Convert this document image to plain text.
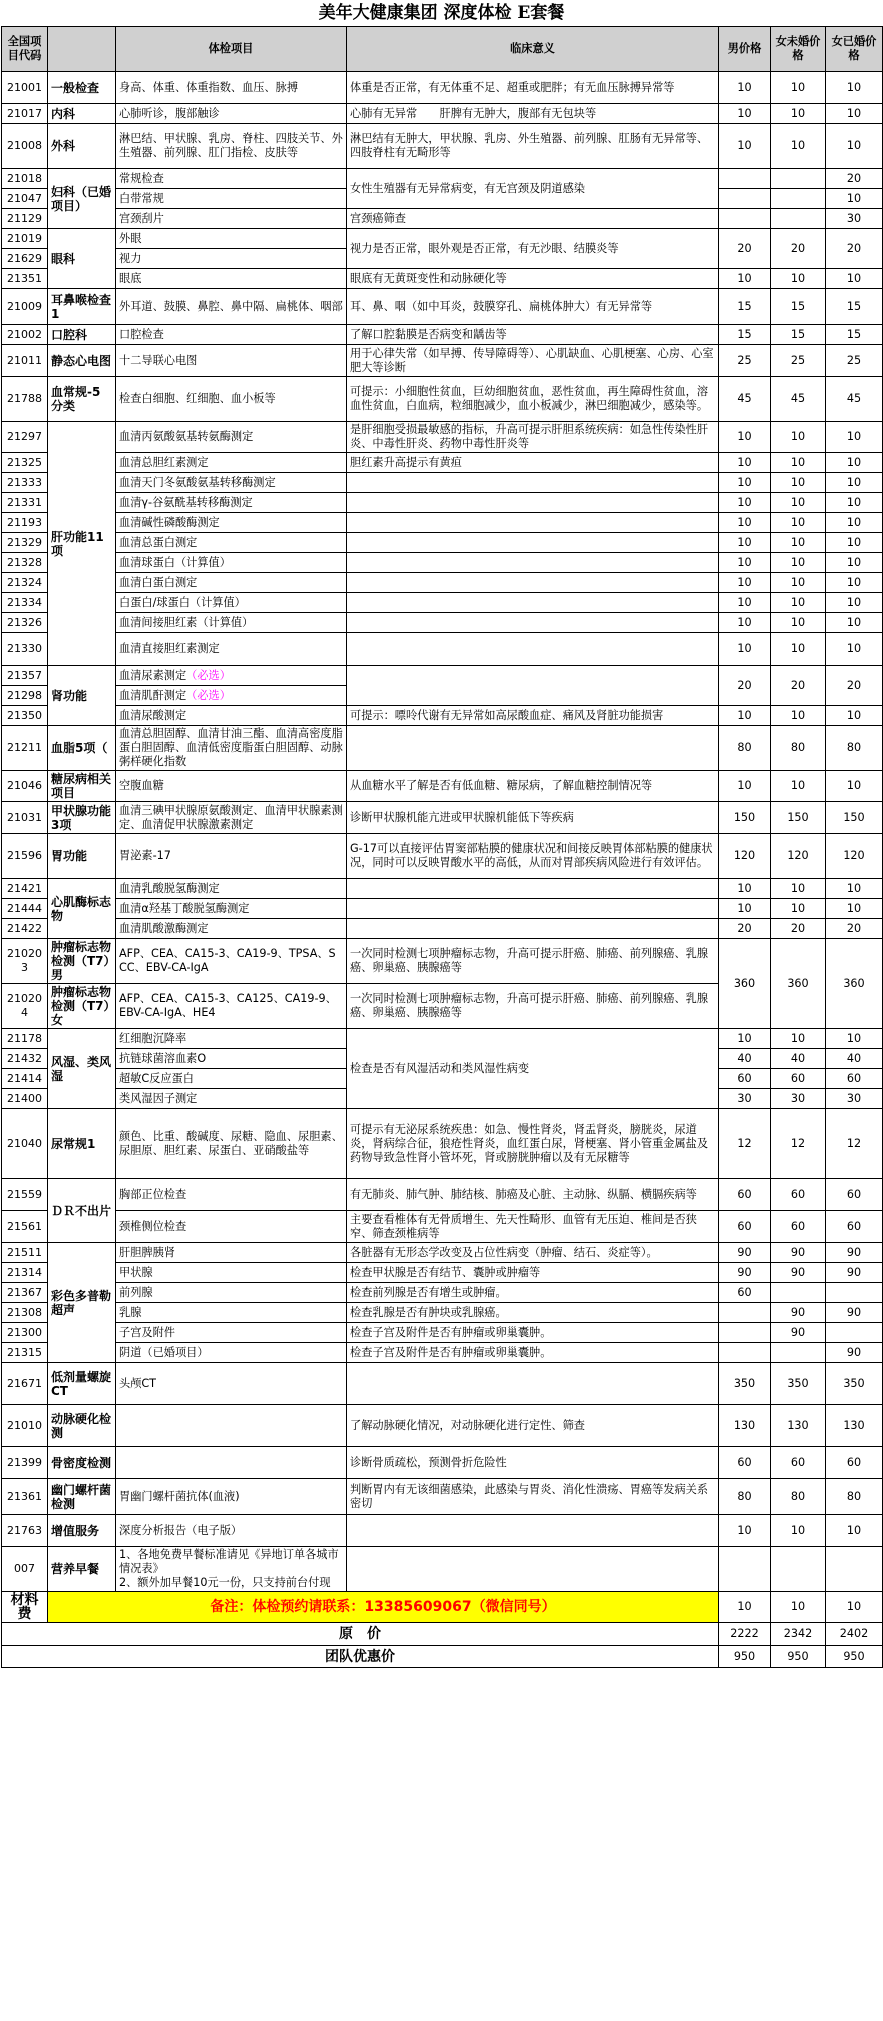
美年大健康集团 深度体检 E套餐
全国项目代码		体检项目	临床意义	男价格	女未婚价格	女已婚价格
21001	一般检查	身高、体重、体重指数、血压、脉搏	体重是否正常，有无体重不足、超重或肥胖；有无血压脉搏异常等	10	10	10
21017	内科	心肺听诊，腹部触诊	心肺有无异常　　肝脾有无肿大，腹部有无包块等	10	10	10
21008	外科	淋巴结、甲状腺、乳房、脊柱、四肢关节、外生殖器、前列腺、肛门指检、皮肤等	淋巴结有无肿大，甲状腺、乳房、外生殖器、前列腺、肛肠有无异常等、四肢脊柱有无畸形等	10	10	10
21018	妇科（已婚项目）	常规检查	女性生殖器有无异常病变，有无宫颈及阴道感染			20
21047		白带常规				10
21129		宫颈刮片	宫颈癌筛查			30
21019	眼科	外眼	视力是否正常，眼外观是否正常，有无沙眼、结膜炎等	20	20	20
21629		视力				
21351		眼底	眼底有无黄斑变性和动脉硬化等	10	10	10
21009	耳鼻喉检查1	外耳道、鼓膜、鼻腔、鼻中隔、扁桃体、咽部	耳、鼻、咽（如中耳炎，鼓膜穿孔、扁桃体肿大）有无异常等	15	15	15
21002	口腔科	口腔检查	了解口腔黏膜是否病变和龋齿等	15	15	15
21011	静态心电图	十二导联心电图	用于心律失常（如早搏、传导障碍等）、心肌缺血、心肌梗塞、心房、心室肥大等诊断	25	25	25
21788	血常规-5分类	检查白细胞、红细胞、血小板等	可提示：小细胞性贫血，巨幼细胞贫血，恶性贫血，再生障碍性贫血，溶血性贫血，白血病，粒细胞减少，血小板减少，淋巴细胞减少，感染等。	45	45	45
21297	肝功能11项	血清丙氨酸氨基转氨酶测定	是肝细胞受损最敏感的指标，升高可提示肝胆系统疾病：如急性传染性肝炎、中毒性肝炎、药物中毒性肝炎等	10	10	10
21325		血清总胆红素测定	胆红素升高提示有黄疸	10	10	10
21333		血清天门冬氨酸氨基转移酶测定		10	10	10
21331		血清γ-谷氨酰基转移酶测定		10	10	10
21193		血清碱性磷酸酶测定		10	10	10
21329		血清总蛋白测定		10	10	10
21328		血清球蛋白（计算值）		10	10	10
21324		血清白蛋白测定		10	10	10
21334		白蛋白/球蛋白（计算值）		10	10	10
21326		血清间接胆红素（计算值）		10	10	10
21330		血清直接胆红素测定		10	10	10
21357	肾功能	血清尿素测定（必选）		20	20	20
21298		血清肌酐测定（必选）				
21350		血清尿酸测定	可提示：嘌呤代谢有无异常如高尿酸血症、痛风及肾脏功能损害	10	10	10
21211	血脂5项（	血清总胆固醇、血清甘油三酯、血清高密度脂蛋白胆固醇、血清低密度脂蛋白胆固醇、动脉粥样硬化指数		80	80	80
21046	糖尿病相关项目	空腹血糖	从血糖水平了解是否有低血糖、糖尿病，了解血糖控制情况等	10	10	10
21031	甲状腺功能3项	血清三碘甲状腺原氨酸测定、血清甲状腺素测定、血清促甲状腺激素测定	诊断甲状腺机能亢进或甲状腺机能低下等疾病	150	150	150
21596	胃功能	胃泌素-17	G-17可以直接评估胃窦部粘膜的健康状况和间接反映胃体部粘膜的健康状况，同时可以反映胃酸水平的高低，从而对胃部疾病风险进行有效评估。	120	120	120
21421	心肌酶标志物	血清乳酸脱氢酶测定		10	10	10
21444		血清α羟基丁酸脱氢酶测定		10	10	10
21422		血清肌酸激酶测定		20	20	20
210203	肿瘤标志物检测（T7）男	AFP、CEA、CA15-3、CA19-9、TPSA、SCC、EBV-CA-IgA	一次同时检测七项肿瘤标志物，升高可提示肝癌、肺癌、前列腺癌、乳腺癌、卵巢癌、胰腺癌等	360	360	360
210204	肿瘤标志物检测（T7）女	AFP、CEA、CA15-3、CA125、CA19-9、EBV-CA-IgA、HE4	一次同时检测七项肿瘤标志物，升高可提示肝癌、肺癌、前列腺癌、乳腺癌、卵巢癌、胰腺癌等			
21178	风湿、类风湿	红细胞沉降率	检查是否有风湿活动和类风湿性病变	10	10	10
21432		抗链球菌溶血素O		40	40	40
21414		超敏C反应蛋白		60	60	60
21400		类风湿因子测定		30	30	30
21040	尿常规1	颜色、比重、酸碱度、尿糖、隐血、尿胆素、尿胆原、胆红素、尿蛋白、亚硝酸盐等	可提示有无泌尿系统疾患：如急、慢性肾炎，肾盂肾炎，膀胱炎，尿道炎，肾病综合征，狼疮性肾炎，血红蛋白尿，肾梗塞、肾小管重金属盐及药物导致急性肾小管坏死，肾或膀胱肿瘤以及有无尿糖等	12	12	12
21559	ＤＲ不出片	胸部正位检查	有无肺炎、肺气肿、肺结核、肺癌及心脏、主动脉、纵膈、横膈疾病等	60	60	60
21561		颈椎侧位检查	主要查看椎体有无骨质增生、先天性畸形、血管有无压迫、椎间是否狭窄、筛查颈椎病等	60	60	60
21511	彩色多普勒超声	肝胆脾胰肾	各脏器有无形态学改变及占位性病变（肿瘤、结石、炎症等）。	90	90	90
21314		甲状腺	检查甲状腺是否有结节、囊肿或肿瘤等	90	90	90
21367		前列腺	检查前列腺是否有增生或肿瘤。	60		
21308		乳腺	检查乳腺是否有肿块或乳腺癌。		90	90
21300		子宫及附件	检查子宫及附件是否有肿瘤或卵巢囊肿。		90	
21315		阴道（已婚项目）	检查子宫及附件是否有肿瘤或卵巢囊肿。			90
21671	低剂量螺旋CT	头颅CT		350	350	350
21010	动脉硬化检测		了解动脉硬化情况，对动脉硬化进行定性、筛查	130	130	130
21399	骨密度检测		诊断骨质疏松，预测骨折危险性	60	60	60
21361	幽门螺杆菌检测	胃幽门螺杆菌抗体(血液)	判断胃内有无该细菌感染，此感染与胃炎、消化性溃疡、胃癌等发病关系密切	80	80	80
21763	增值服务	深度分析报告（电子版）		10	10	10
007	营养早餐	1、各地免费早餐标准请见《异地订单各城市情况表》
2、额外加早餐10元一份，只支持前台付现				
材料费	备注：体检预约请联系：13385609067（微信同号）			10	10	10
原　价				2222	2342	2402
团队优惠价				950	950	950
